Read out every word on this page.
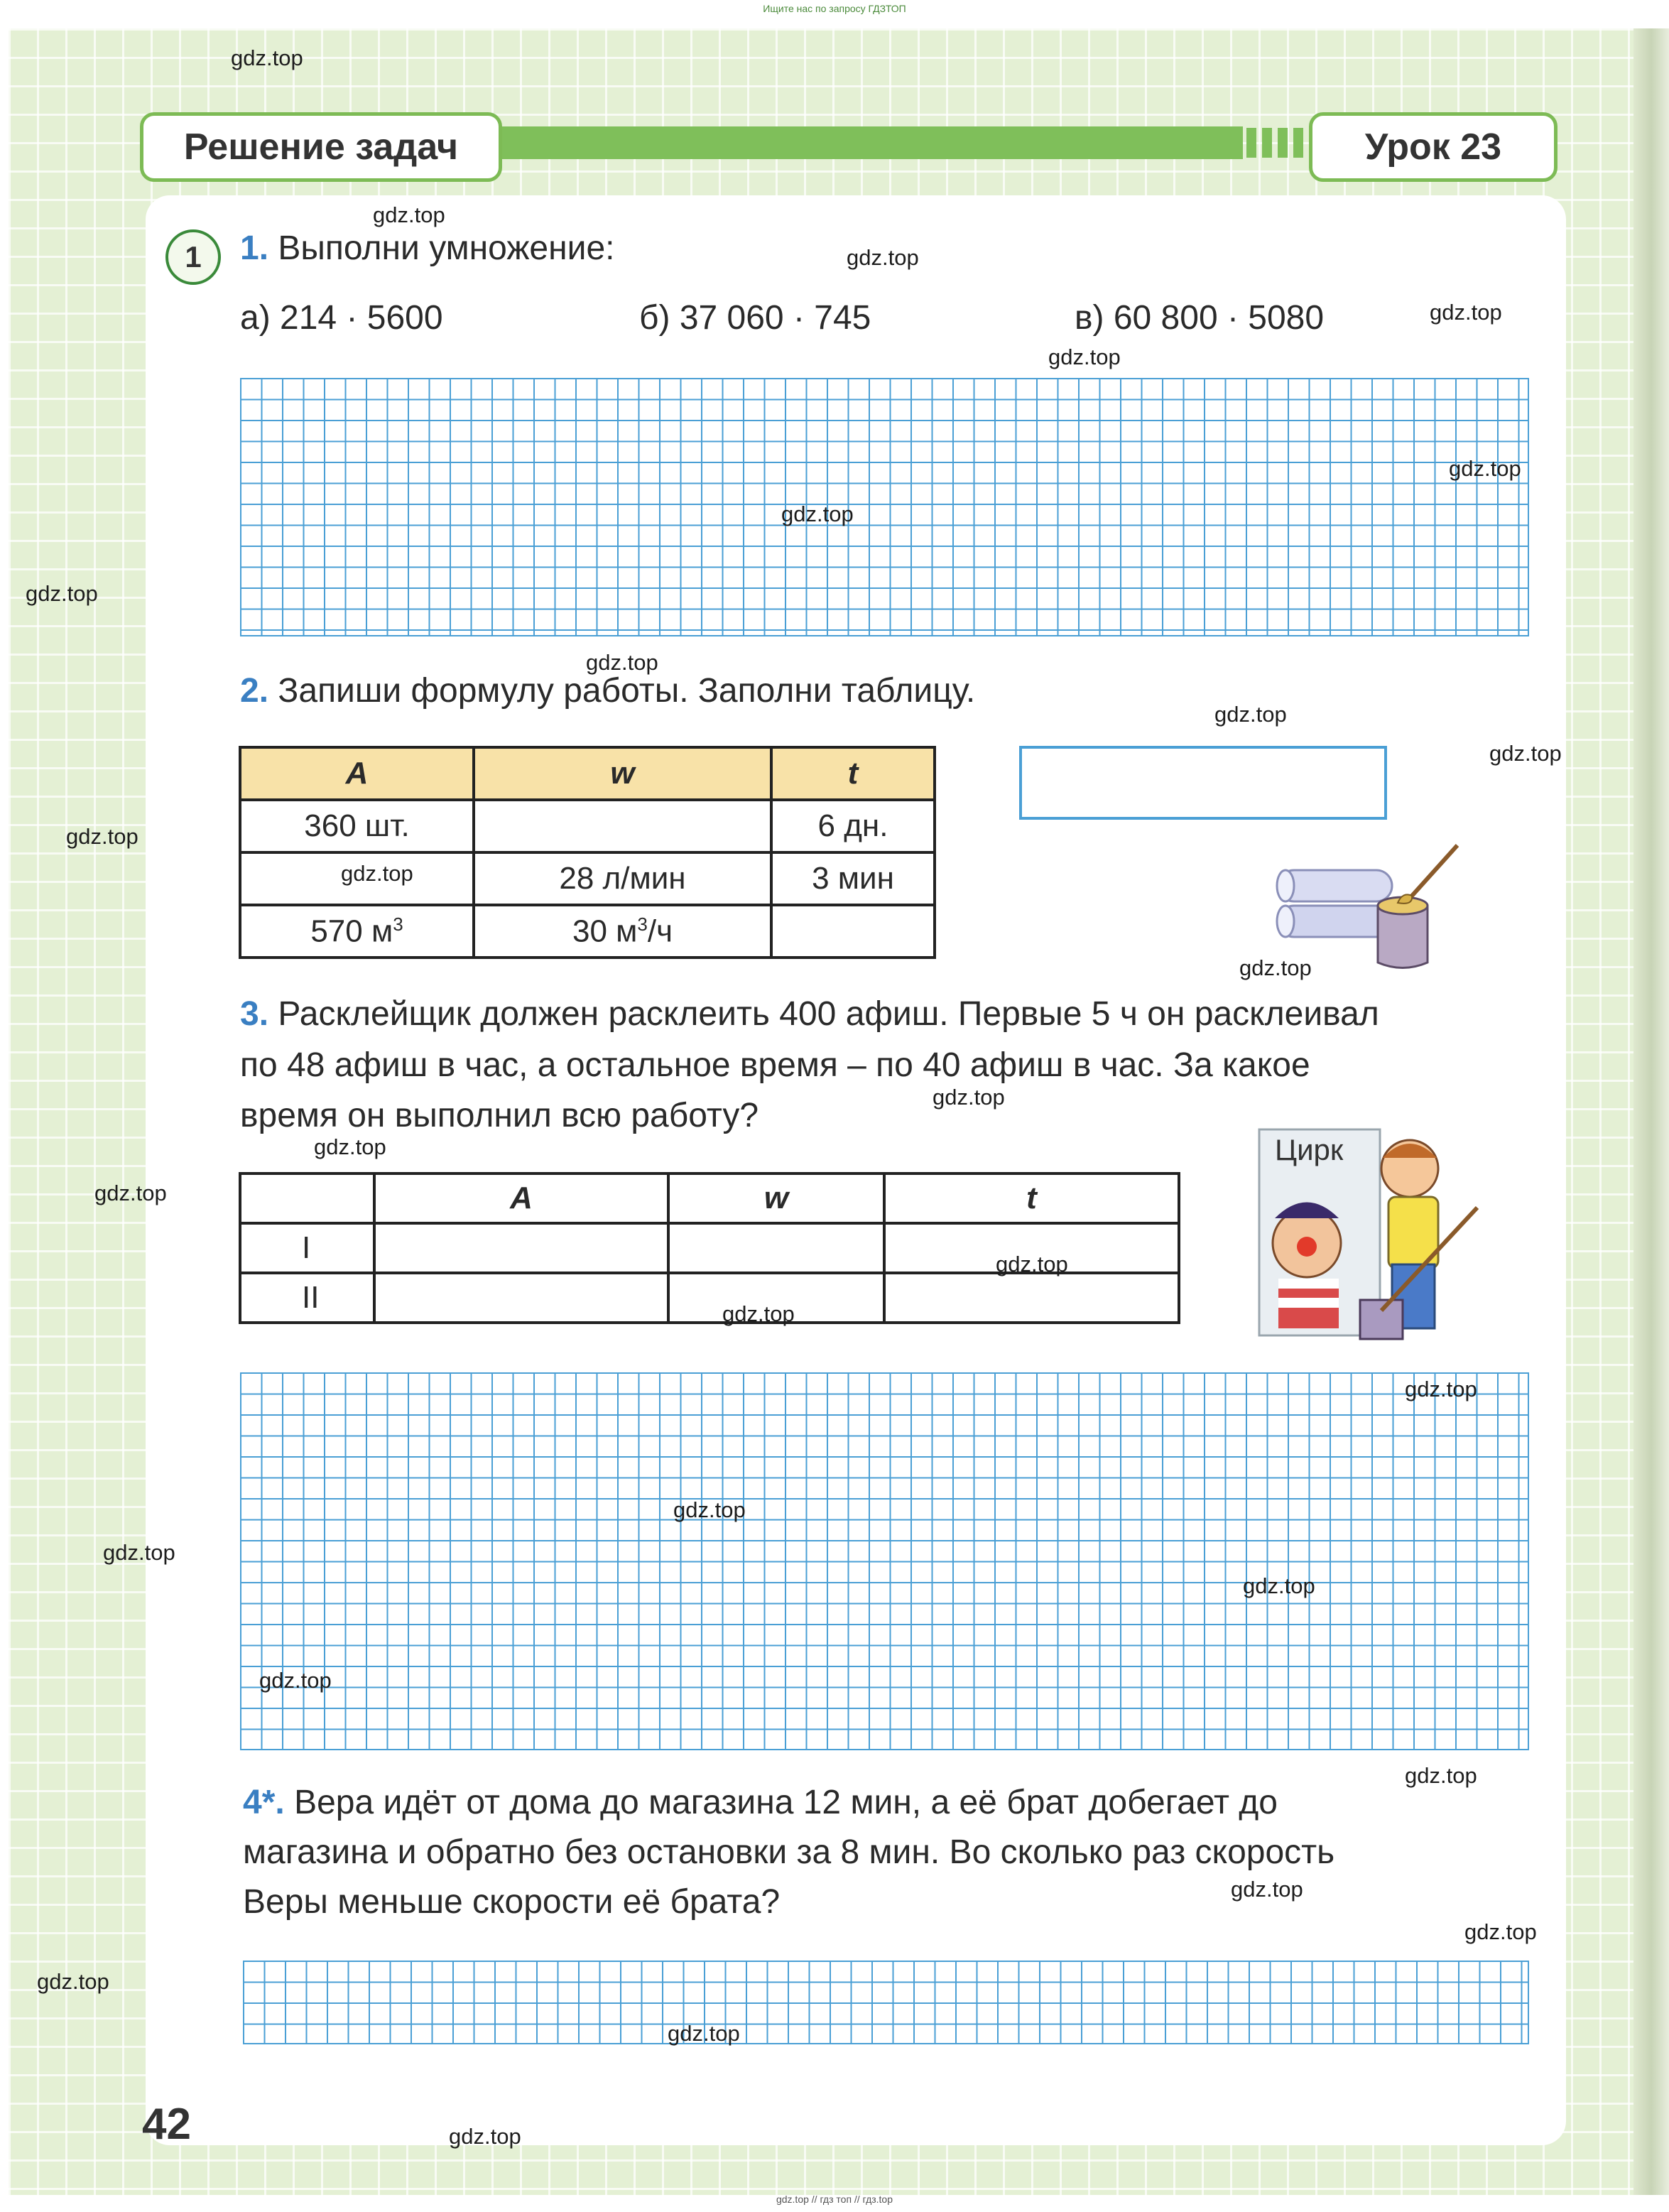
Ищите нас по запросу ГДЗТОП
Решение задач	Урок 23
1	1. Выполни умножение:
а) 214 · 5600	б) 37 060 · 745	в) 60 800 · 5080
2. Запиши формулу работы. Заполни таблицу.
A	w	t
360 шт.		6 дн.
	28 л/мин	3 мин
570 $м^3$	30 $м^3/ч$	
3. Расклейщик должен расклеить 400 афиш. Первые 5 ч он расклеивал
по 48 афиш в час, а остальное время – по 40 афиш в час. За какое
время он выполнил всю работу?
	A	w	t
I			
II			
Цирк
4*. Вера идёт от дома до магазина 12 мин, а её брат добегает до
магазина и обратно без остановки за 8 мин. Во сколько раз скорость
Веры меньше скорости её брата?
42
gdz.top // гдз топ // гдз.top
gdz.top
gdz.top
gdz.top
gdz.top
gdz.top
gdz.top
gdz.top
gdz.top
gdz.top
gdz.top
gdz.top
gdz.top
gdz.top
gdz.top
gdz.top
gdz.top
gdz.top
gdz.top
gdz.top
gdz.top
gdz.top
gdz.top
gdz.top
gdz.top
gdz.top
gdz.top
gdz.top
gdz.top
gdz.top
gdz.top
